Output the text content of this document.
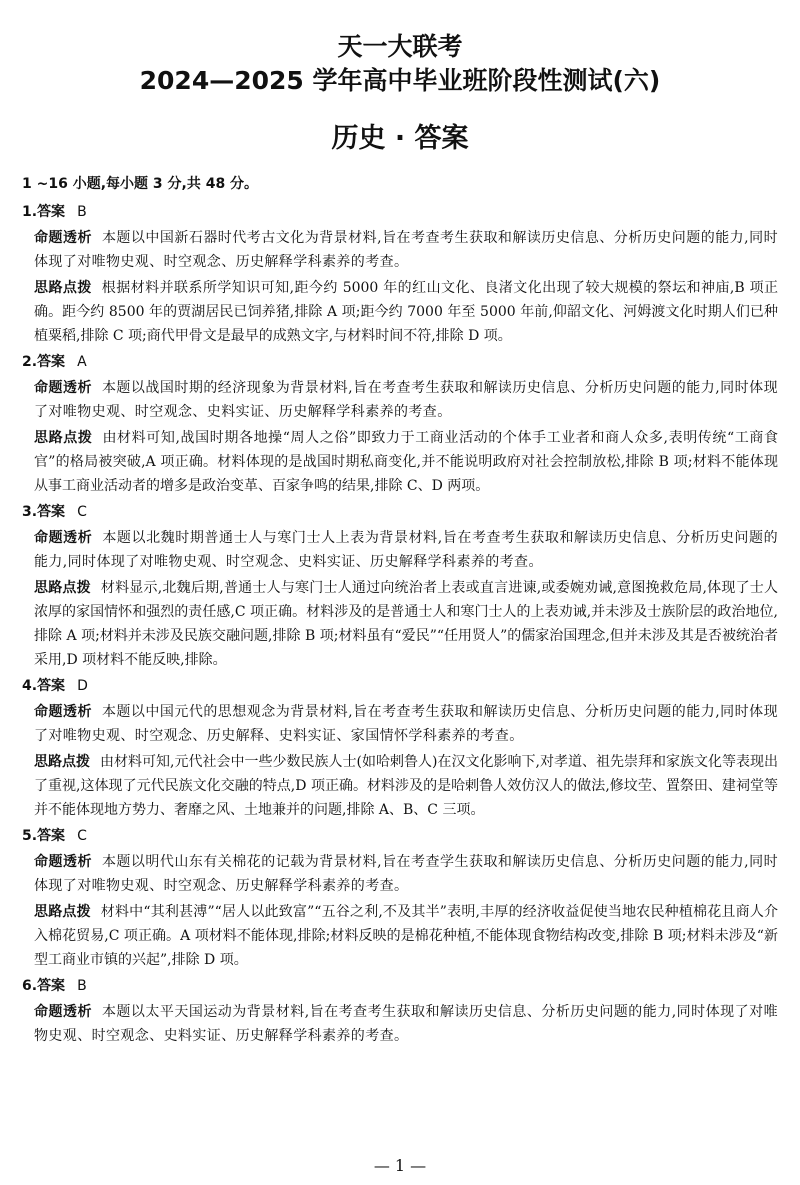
天一大联考
2024—2025 学年高中毕业班阶段性测试(六)
历史 · 答案

1 ~16 小题,每小题 3 分,共 48 分。

1.答案 B

命题透析 本题以中国新石器时代考古文化为背景材料,旨在考查考生获取和解读历史信息、分析历史问题的能力,同时体现了对唯物史观、时空观念、历史解释学科素养的考查。

思路点拨 根据材料并联系所学知识可知,距今约 5000 年的红山文化、良渚文化出现了较大规模的祭坛和神庙,B 项正确。距今约 8500 年的贾湖居民已饲养猪,排除 A 项;距今约 7000 年至 5000 年前,仰韶文化、河姆渡文化时期人们已种植粟稻,排除 C 项;商代甲骨文是最早的成熟文字,与材料时间不符,排除 D 项。

2.答案 A

命题透析 本题以战国时期的经济现象为背景材料,旨在考查考生获取和解读历史信息、分析历史问题的能力,同时体现了对唯物史观、时空观念、史料实证、历史解释学科素养的考查。

思路点拨 由材料可知,战国时期各地操“周人之俗”即致力于工商业活动的个体手工业者和商人众多,表明传统“工商食官”的格局被突破,A 项正确。材料体现的是战国时期私商变化,并不能说明政府对社会控制放松,排除 B 项;材料不能体现从事工商业活动者的增多是政治变革、百家争鸣的结果,排除 C、D 两项。

3.答案 C

命题透析 本题以北魏时期普通士人与寒门士人上表为背景材料,旨在考查考生获取和解读历史信息、分析历史问题的能力,同时体现了对唯物史观、时空观念、史料实证、历史解释学科素养的考查。

思路点拨 材料显示,北魏后期,普通士人与寒门士人通过向统治者上表或直言进谏,或委婉劝诫,意图挽救危局,体现了士人浓厚的家国情怀和强烈的责任感,C 项正确。材料涉及的是普通士人和寒门士人的上表劝诫,并未涉及士族阶层的政治地位,排除 A 项;材料并未涉及民族交融问题,排除 B 项;材料虽有“爱民”“任用贤人”的儒家治国理念,但并未涉及其是否被统治者采用,D 项材料不能反映,排除。

4.答案 D

命题透析 本题以中国元代的思想观念为背景材料,旨在考查考生获取和解读历史信息、分析历史问题的能力,同时体现了对唯物史观、时空观念、历史解释、史料实证、家国情怀学科素养的考查。

思路点拨 由材料可知,元代社会中一些少数民族人士(如哈剌鲁人)在汉文化影响下,对孝道、祖先崇拜和家族文化等表现出了重视,这体现了元代民族文化交融的特点,D 项正确。材料涉及的是哈剌鲁人效仿汉人的做法,修坟茔、置祭田、建祠堂等并不能体现地方势力、奢靡之风、土地兼并的问题,排除 A、B、C 三项。

5.答案 C

命题透析 本题以明代山东有关棉花的记载为背景材料,旨在考查学生获取和解读历史信息、分析历史问题的能力,同时体现了对唯物史观、时空观念、历史解释学科素养的考查。

思路点拨 材料中“其利甚溥”“居人以此致富”“五谷之利,不及其半”表明,丰厚的经济收益促使当地农民种植棉花且商人介入棉花贸易,C 项正确。A 项材料不能体现,排除;材料反映的是棉花种植,不能体现食物结构改变,排除 B 项;材料未涉及“新型工商业市镇的兴起”,排除 D 项。

6.答案 B

命题透析 本题以太平天国运动为背景材料,旨在考查考生获取和解读历史信息、分析历史问题的能力,同时体现了对唯物史观、时空观念、史料实证、历史解释学科素养的考查。

— 1 —
